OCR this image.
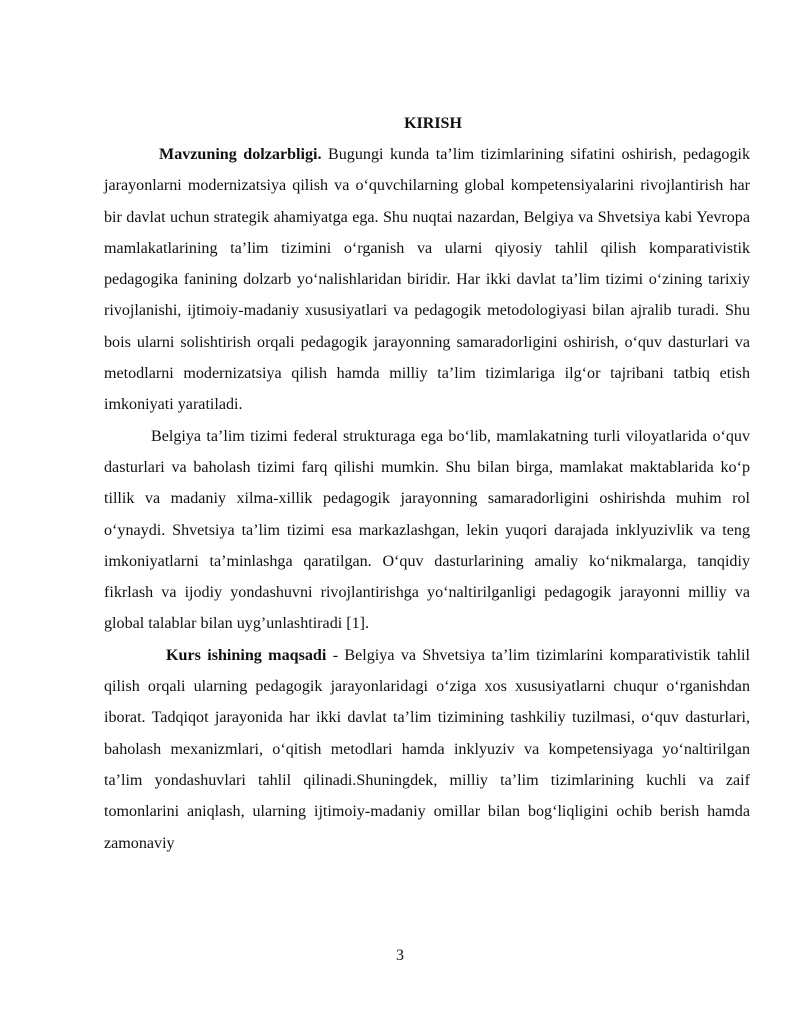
KIRISH

Mavzuning dolzarbligi. Bugungi kunda ta’lim tizimlarining sifatini oshirish, pedagogik jarayonlarni modernizatsiya qilish va o‘quvchilarning global kompetensiyalarini rivojlantirish har bir davlat uchun strategik ahamiyatga ega. Shu nuqtai nazardan, Belgiya va Shvetsiya kabi Yevropa mamlakatlarining ta’lim tizimini o‘rganish va ularni qiyosiy tahlil qilish komparativistik pedagogika fanining dolzarb yo‘nalishlaridan biridir. Har ikki davlat ta’lim tizimi o‘zining tarixiy rivojlanishi, ijtimoiy-madaniy xususiyatlari va pedagogik metodologiyasi bilan ajralib turadi. Shu bois ularni solishtirish orqali pedagogik jarayonning samaradorligini oshirish, o‘quv dasturlari va metodlarni modernizatsiya qilish hamda milliy ta’lim tizimlariga ilg‘or tajribani tatbiq etish imkoniyati yaratiladi.

Belgiya ta’lim tizimi federal strukturaga ega bo‘lib, mamlakatning turli viloyatlarida o‘quv dasturlari va baholash tizimi farq qilishi mumkin. Shu bilan birga, mamlakat maktablarida ko‘p tillik va madaniy xilma-xillik pedagogik jarayonning samaradorligini oshirishda muhim rol o‘ynaydi. Shvetsiya ta’lim tizimi esa markazlashgan, lekin yuqori darajada inklyuzivlik va teng imkoniyatlarni ta’minlashga qaratilgan. O‘quv dasturlarining amaliy ko‘nikmalarga, tanqidiy fikrlash va ijodiy yondashuvni rivojlantirishga yo‘naltirilganligi pedagogik jarayonni milliy va global talablar bilan uyg’unlashtiradi [1].

Kurs ishining maqsadi - Belgiya va Shvetsiya ta’lim tizimlarini komparativistik tahlil qilish orqali ularning pedagogik jarayonlaridagi o‘ziga xos xususiyatlarni chuqur o‘rganishdan iborat. Tadqiqot jarayonida har ikki davlat ta’lim tizimining tashkiliy tuzilmasi, o‘quv dasturlari, baholash mexanizmlari, o‘qitish metodlari hamda inklyuziv va kompetensiyaga yo‘naltirilgan ta’lim yondashuvlari tahlil qilinadi.Shuningdek, milliy ta’lim tizimlarining kuchli va zaif tomonlarini aniqlash, ularning ijtimoiy-madaniy omillar bilan bog‘liqligini ochib berish hamda zamonaviy

3
